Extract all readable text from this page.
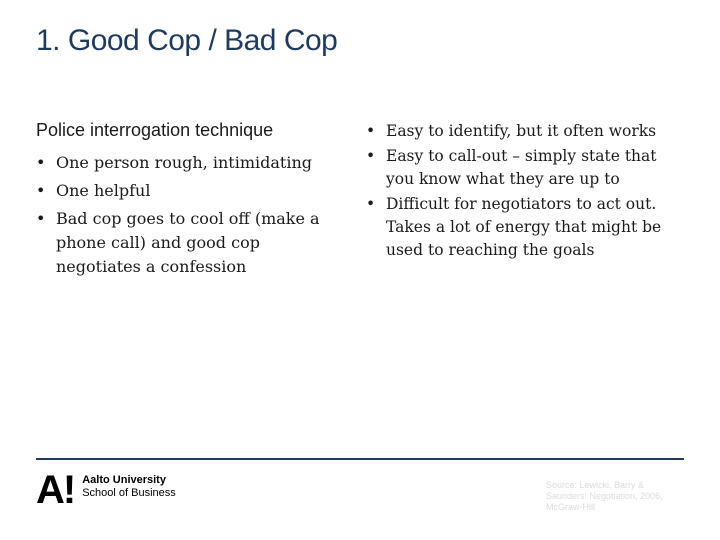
1. Good Cop / Bad Cop
Police interrogation technique
• One person rough, intimidating
• One helpful
• Bad cop goes to cool off (make a phone call) and good cop negotiates a confession
• Easy to identify, but it often works
• Easy to call-out – simply state that you know what they are up to
• Difficult for negotiators to act out. Takes a lot of energy that might be used to reaching the goals
A! Aalto University
School of Business
Source: Lewicki, Barry & Saunders: Negotiation, 2006, McGraw-Hill
